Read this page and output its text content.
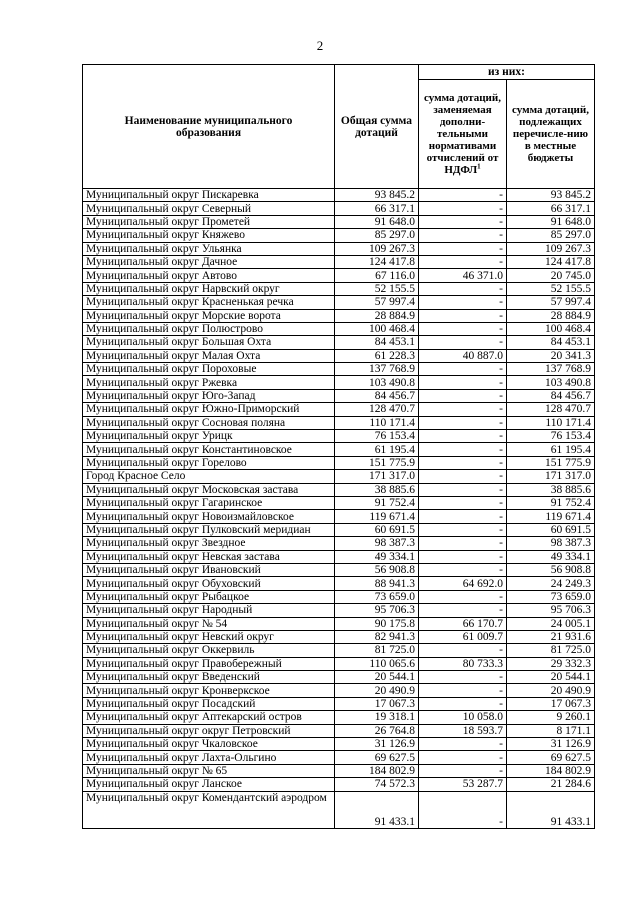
2
Наименование муниципального образования	Общая сумма дотаций	из них:	
		сумма дотаций, заменяемая дополни-тельными нормативами отчислений от НДФЛ$^1$	сумма дотаций, подлежащих перечисле-нию в местные бюджеты
Муниципальный округ Пискаревка	93 845.2	-	93 845.2
Муниципальный округ Северный	66 317.1	-	66 317.1
Муниципальный округ Прометей	91 648.0	-	91 648.0
Муниципальный округ Княжево	85 297.0	-	85 297.0
Муниципальный округ Ульянка	109 267.3	-	109 267.3
Муниципальный округ Дачное	124 417.8	-	124 417.8
Муниципальный округ Автово	67 116.0	46 371.0	20 745.0
Муниципальный округ Нарвский округ	52 155.5	-	52 155.5
Муниципальный округ Красненькая речка	57 997.4	-	57 997.4
Муниципальный округ Морские ворота	28 884.9	-	28 884.9
Муниципальный округ Полюстрово	100 468.4	-	100 468.4
Муниципальный округ Большая Охта	84 453.1	-	84 453.1
Муниципальный округ Малая Охта	61 228.3	40 887.0	20 341.3
Муниципальный округ Пороховые	137 768.9	-	137 768.9
Муниципальный округ Ржевка	103 490.8	-	103 490.8
Муниципальный округ Юго-Запад	84 456.7	-	84 456.7
Муниципальный округ Южно-Приморский	128 470.7	-	128 470.7
Муниципальный округ Сосновая поляна	110 171.4	-	110 171.4
Муниципальный округ Урицк	76 153.4	-	76 153.4
Муниципальный округ Константиновское	61 195.4	-	61 195.4
Муниципальный округ Горелово	151 775.9	-	151 775.9
Город Красное Село	171 317.0	-	171 317.0
Муниципальный округ Московская застава	38 885.6	-	38 885.6
Муниципальный округ Гагаринское	91 752.4	-	91 752.4
Муниципальный округ Новоизмайловское	119 671.4	-	119 671.4
Муниципальный округ Пулковский меридиан	60 691.5	-	60 691.5
Муниципальный округ Звездное	98 387.3	-	98 387.3
Муниципальный округ Невская застава	49 334.1	-	49 334.1
Муниципальный округ Ивановский	56 908.8	-	56 908.8
Муниципальный округ Обуховский	88 941.3	64 692.0	24 249.3
Муниципальный округ Рыбацкое	73 659.0	-	73 659.0
Муниципальный округ Народный	95 706.3	-	95 706.3
Муниципальный округ № 54	90 175.8	66 170.7	24 005.1
Муниципальный округ Невский округ	82 941.3	61 009.7	21 931.6
Муниципальный округ Оккервиль	81 725.0	-	81 725.0
Муниципальный округ Правобережный	110 065.6	80 733.3	29 332.3
Муниципальный округ Введенский	20 544.1	-	20 544.1
Муниципальный округ Кронверкское	20 490.9	-	20 490.9
Муниципальный округ Посадский	17 067.3	-	17 067.3
Муниципальный округ Аптекарский остров	19 318.1	10 058.0	9 260.1
Муниципальный округ округ Петровский	26 764.8	18 593.7	8 171.1
Муниципальный округ Чкаловское	31 126.9	-	31 126.9
Муниципальный округ Лахта-Ольгино	69 627.5	-	69 627.5
Муниципальный округ № 65	184 802.9	-	184 802.9
Муниципальный округ Ланское	74 572.3	53 287.7	21 284.6
Муниципальный округ Комендантский аэродром	91 433.1	-	91 433.1
